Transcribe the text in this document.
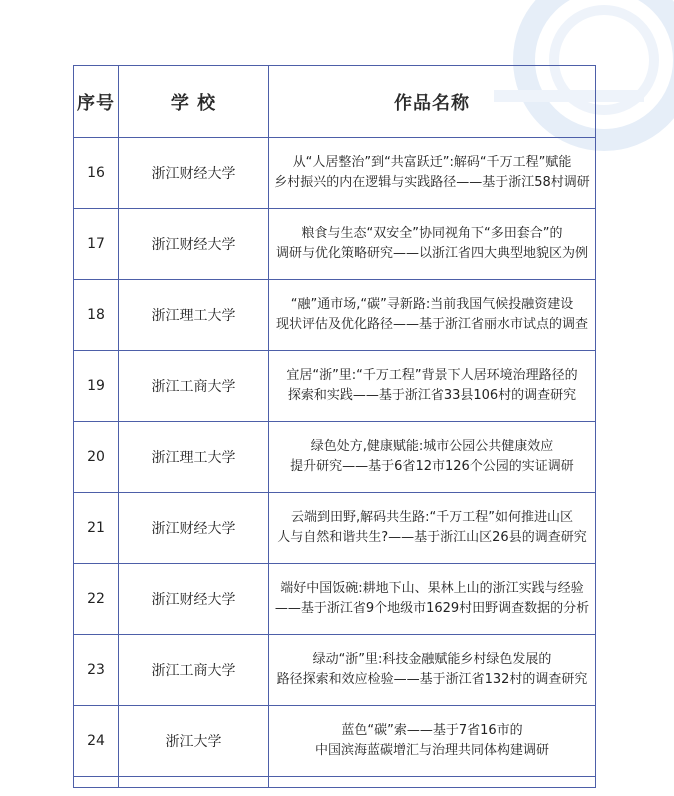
序号	学 校	作品名称
16	浙江财经大学	从“人居整治”到“共富跃迁”:解码“千万工程”赋能
乡村振兴的内在逻辑与实践路径——基于浙江58村调研

17	浙江财经大学	粮食与生态“双安全”协同视角下“多田套合”的
调研与优化策略研究——以浙江省四大典型地貌区为例

18	浙江理工大学	“融”通市场,“碳”寻新路:当前我国气候投融资建设
现状评估及优化路径——基于浙江省丽水市试点的调查

19	浙江工商大学	宜居“浙”里:“千万工程”背景下人居环境治理路径的
探索和实践——基于浙江省33县106村的调查研究

20	浙江理工大学	绿色处方,健康赋能:城市公园公共健康效应
提升研究——基于6省12市126个公园的实证调研

21	浙江财经大学	云端到田野,解码共生路:“千万工程”如何推进山区
人与自然和谐共生?——基于浙江山区26县的调查研究

22	浙江财经大学	端好中国饭碗:耕地下山、果林上山的浙江实践与经验
——基于浙江省9个地级市1629村田野调查数据的分析

23	浙江工商大学	绿动“浙”里:科技金融赋能乡村绿色发展的
路径探索和效应检验——基于浙江省132村的调查研究

24	浙江大学	蓝色“碳”索——基于7省16市的
中国滨海蓝碳增汇与治理共同体构建调研
